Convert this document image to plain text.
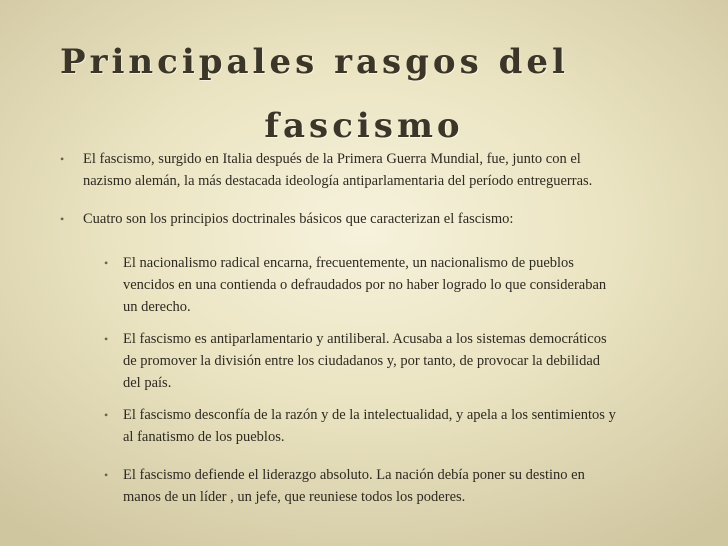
Principales rasgos del
fascismo
• El fascismo, surgido en Italia después de la Primera Guerra Mundial, fue, junto con el
nazismo alemán, la más destacada ideología antiparlamentaria del período entreguerras.
• Cuatro son los principios doctrinales básicos que caracterizan el fascismo:
• El nacionalismo radical encarna, frecuentemente, un nacionalismo de pueblos
vencidos en una contienda o defraudados por no haber logrado lo que consideraban
un derecho.
• El fascismo es antiparlamentario y antiliberal. Acusaba a los sistemas democráticos
de promover la división entre los ciudadanos y, por tanto, de provocar la debilidad
del país.
• El fascismo desconfía de la razón y de la intelectualidad, y apela a los sentimientos y
al fanatismo de los pueblos.
• El fascismo defiende el liderazgo absoluto. La nación debía poner su destino en
manos de un líder , un jefe, que reuniese todos los poderes.
